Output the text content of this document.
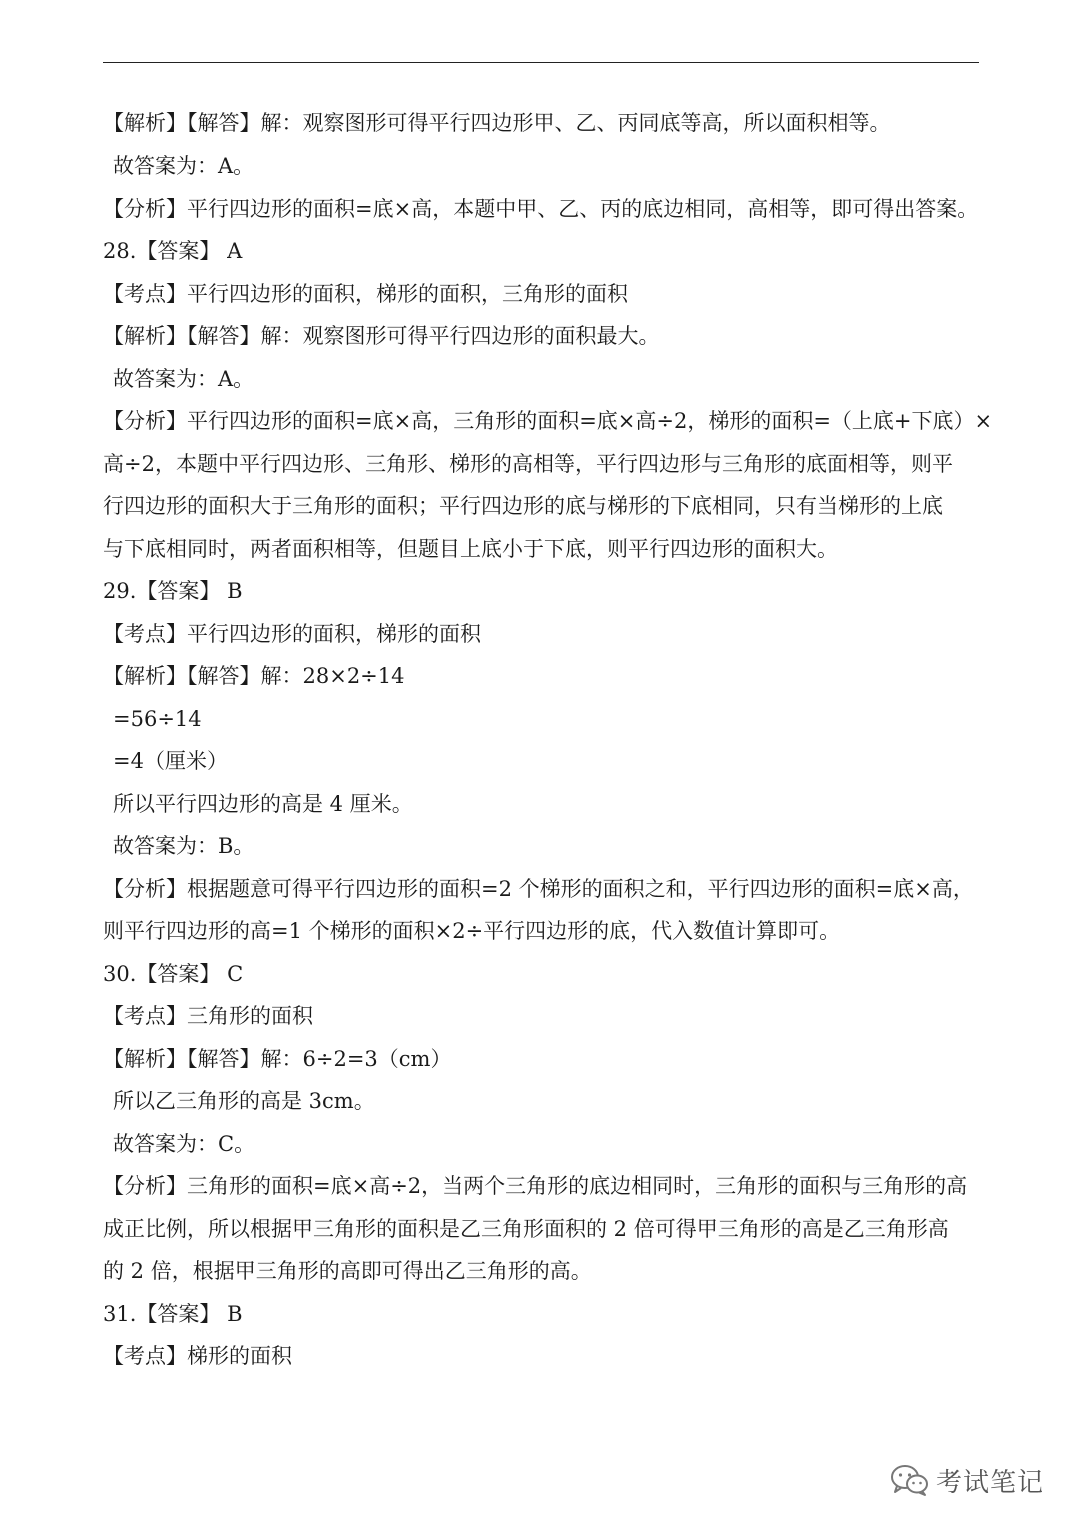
【解析】【解答】解：观察图形可得平行四边形甲、乙、丙同底等高，所以面积相等。
故答案为：A。
【分析】平行四边形的面积=底×高，本题中甲、乙、丙的底边相同，高相等，即可得出答案。
28.【答案】 A
【考点】平行四边形的面积，梯形的面积，三角形的面积
【解析】【解答】解：观察图形可得平行四边形的面积最大。
故答案为：A。
【分析】平行四边形的面积=底×高，三角形的面积=底×高÷2，梯形的面积=（上底+下底）×
高÷2，本题中平行四边形、三角形、梯形的高相等，平行四边形与三角形的底面相等，则平
行四边形的面积大于三角形的面积；平行四边形的底与梯形的下底相同，只有当梯形的上底
与下底相同时，两者面积相等，但题目上底小于下底，则平行四边形的面积大。
29.【答案】 B
【考点】平行四边形的面积，梯形的面积
【解析】【解答】解：28×2÷14
=56÷14
=4（厘米）
所以平行四边形的高是 4 厘米。
故答案为：B。
【分析】根据题意可得平行四边形的面积=2 个梯形的面积之和，平行四边形的面积=底×高，
则平行四边形的高=1 个梯形的面积×2÷平行四边形的底，代入数值计算即可。
30.【答案】 C
【考点】三角形的面积
【解析】【解答】解：6÷2=3（cm）
所以乙三角形的高是 3cm。
故答案为：C。
【分析】三角形的面积=底×高÷2，当两个三角形的底边相同时，三角形的面积与三角形的高
成正比例，所以根据甲三角形的面积是乙三角形面积的 2 倍可得甲三角形的高是乙三角形高
的 2 倍，根据甲三角形的高即可得出乙三角形的高。
31.【答案】 B
【考点】梯形的面积
考试笔记
